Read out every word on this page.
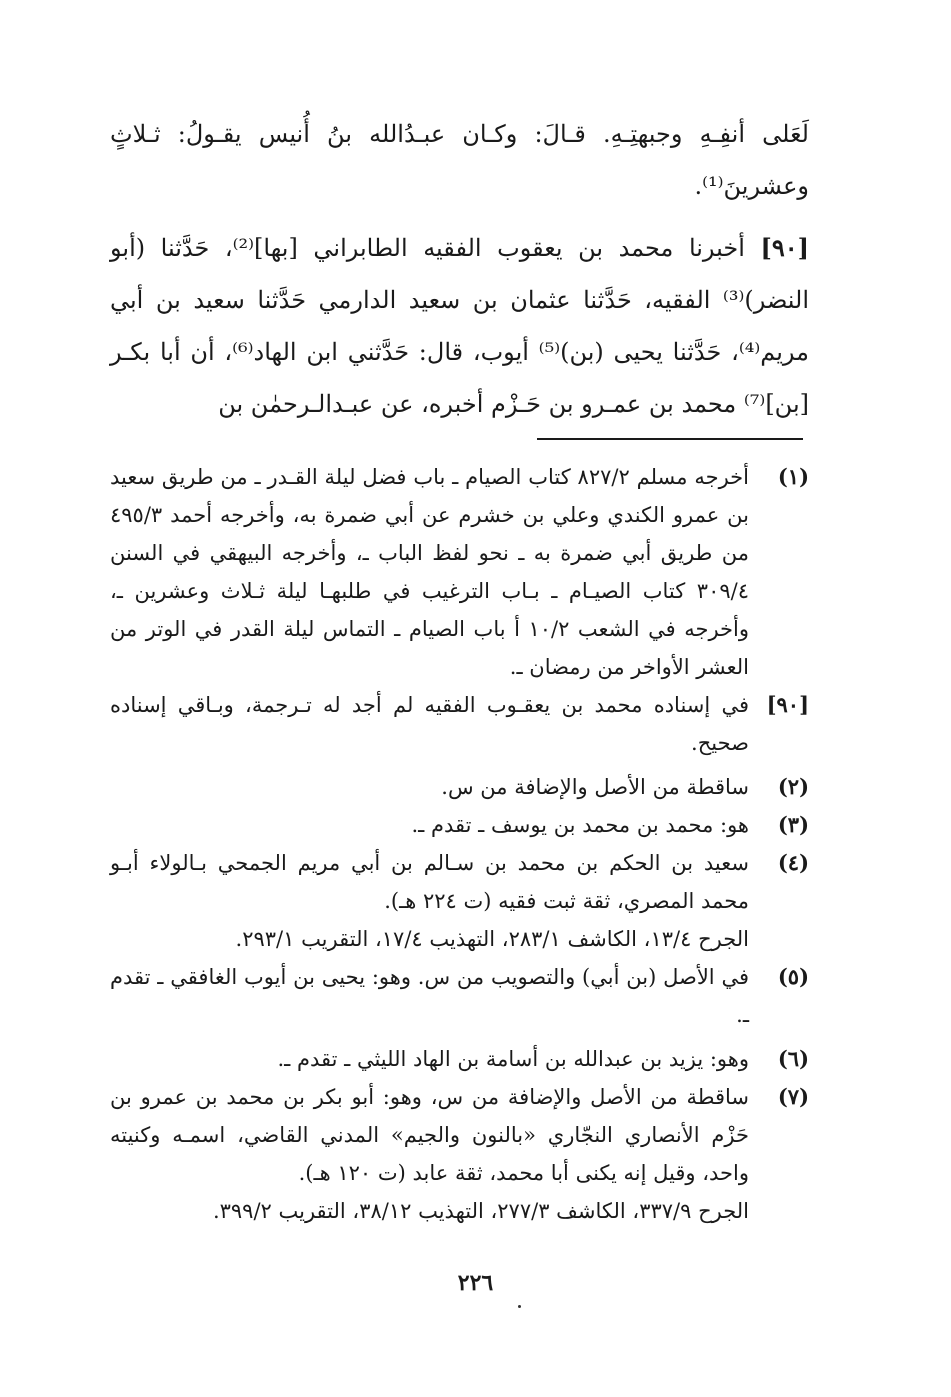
لَعَلى أنفِـهِ وجبهتِـهِ. قـالَ: وكـان عبـدُالله بنُ أُنيس يقـولُ: ثـلاثٍ وعشرينَ⁽¹⁾.

[٩٠] أخبرنا محمد بن يعقوب الفقيه الطابراني [بها]⁽²⁾، حَدَّثنا (أبو النضر)⁽³⁾ الفقيه، حَدَّثنا عثمان بن سعيد الدارمي حَدَّثنا سعيد بن أبي مريم⁽⁴⁾، حَدَّثنا يحيى (بن)⁽⁵⁾ أيوب، قال: حَدَّثني ابن الهاد⁽⁶⁾، أن أبا بكـر [بن]⁽⁷⁾ محمد بن عمـرو بن حَـزْم أخبره، عن عبـدالـرحمٰن بن

(١)
أخرجه مسلم ٨٢٧/٢ كتاب الصيام ـ باب فضل ليلة القـدر ـ من طريق سعيد بن عمرو الكندي وعلي بن خشرم عن أبي ضمرة به، وأخرجه أحمد ٤٩٥/٣ من طريق أبي ضمرة به ـ نحو لفظ الباب ـ، وأخرجه البيهقي في السنن ٣٠٩/٤ كتاب الصيـام ـ بـاب الترغيب في طلبهـا ليلة ثـلاث وعشرين ـ، وأخرجه في الشعب ١٠/٢ أ باب الصيام ـ التماس ليلة القدر في الوتر من العشر الأواخر من رمضان ـ.
[٩٠]
في إسناده محمد بن يعقـوب الفقيه لم أجد له تـرجمة، وبـاقي إسناده صحيح.
(٢)
ساقطة من الأصل والإضافة من س.
(٣)
هو: محمد بن محمد بن يوسف ـ تقدم ـ.
(٤)
سعيد بن الحكم بن محمد بن سـالم بن أبي مريم الجمحي بـالولاء أبـو محمد المصري، ثقة ثبت فقيه (ت ٢٢٤ هـ).
الجرح ١٣/٤، الكاشف ٢٨٣/١، التهذيب ١٧/٤، التقريب ٢٩٣/١.
(٥)
في الأصل (بن أبي) والتصويب من س. وهو: يحيى بن أيوب الغافقي ـ تقدم ـ.
(٦)
وهو: يزيد بن عبدالله بن أسامة بن الهاد الليثي ـ تقدم ـ.
(٧)
ساقطة من الأصل والإضافة من س، وهو: أبو بكر بن محمد بن عمرو بن حَزْم الأنصاري النجّاري «بالنون والجيم» المدني القاضي، اسمـه وكنيته واحد، وقيل إنه يكنى أبا محمد، ثقة عابد (ت ١٢٠ هـ).
الجرح ٣٣٧/٩، الكاشف ٢٧٧/٣، التهذيب ٣٨/١٢، التقريب ٣٩٩/٢.
٢٢٦
